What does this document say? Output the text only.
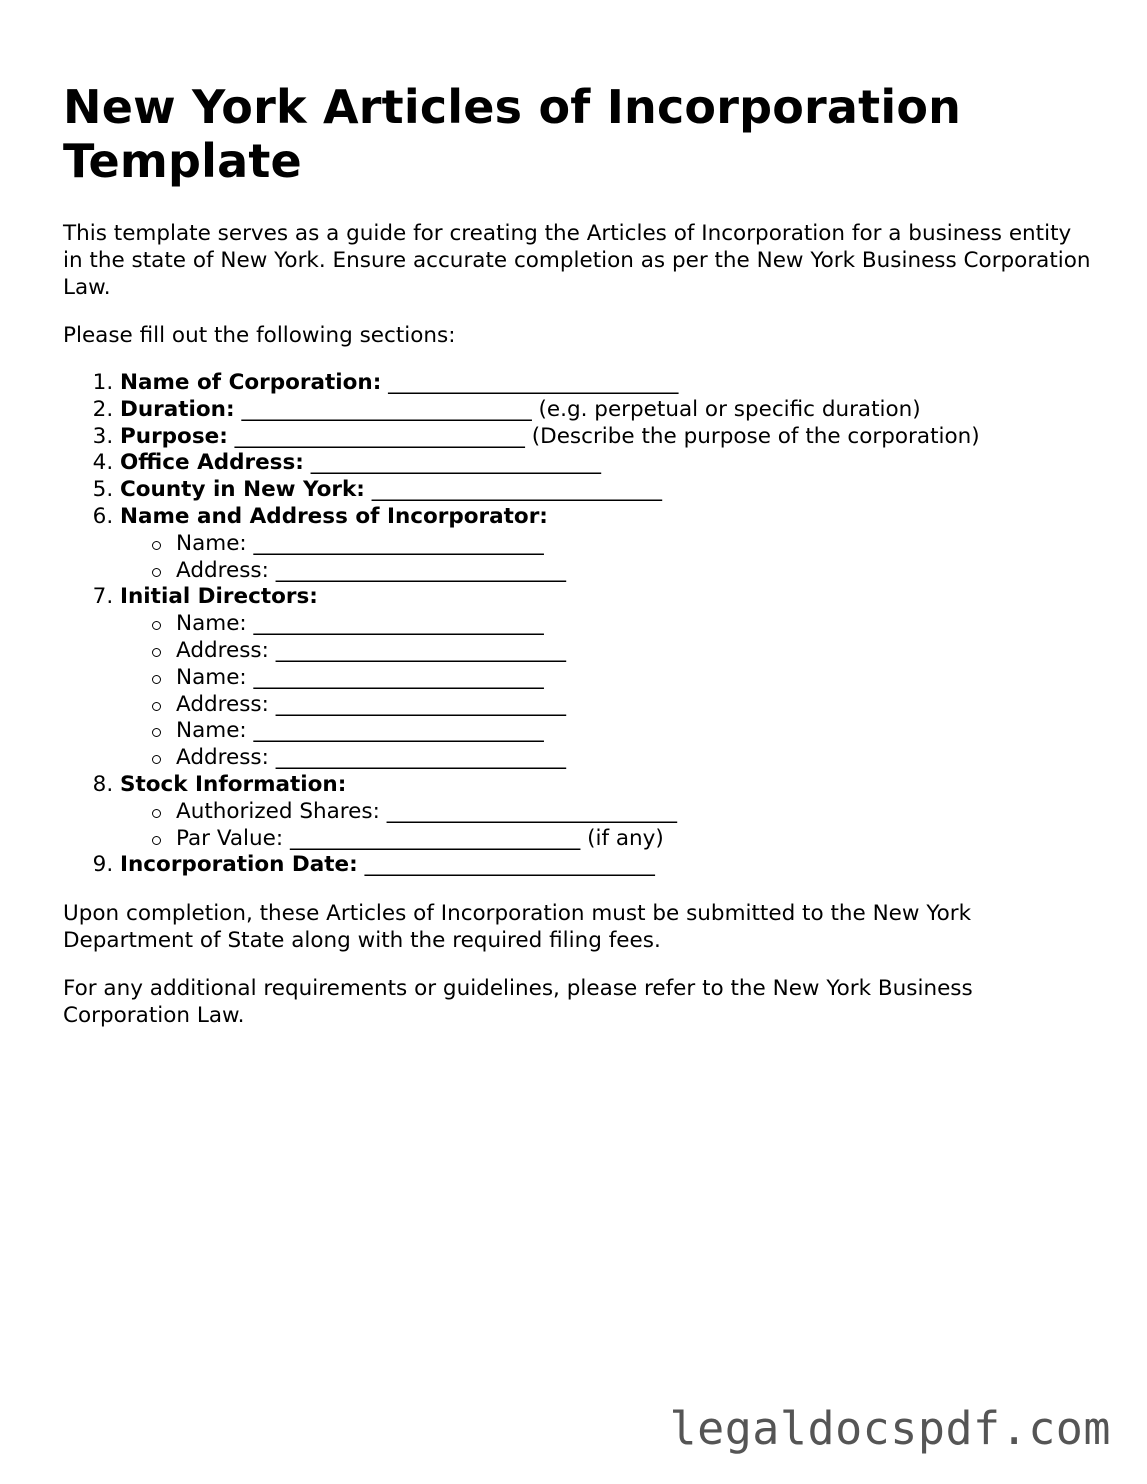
New York Articles of Incorporation Template

This template serves as a guide for creating the Articles of Incorporation for a business entity in the state of New York. Ensure accurate completion as per the New York Business Corporation Law.

Please fill out the following sections:

1. Name of Corporation: ___________________________
2. Duration: ___________________________ (e.g. perpetual or specific duration)
3. Purpose: ___________________________ (Describe the purpose of the corporation)
4. Office Address: ___________________________
5. County in New York: ___________________________
6. Name and Address of Incorporator:
Name: ___________________________
Address: ___________________________
7. Initial Directors:
Name: ___________________________
Address: ___________________________
Name: ___________________________
Address: ___________________________
Name: ___________________________
Address: ___________________________
8. Stock Information:
Authorized Shares: ___________________________
Par Value: ___________________________ (if any)
9. Incorporation Date: ___________________________

Upon completion, these Articles of Incorporation must be submitted to the New York Department of State along with the required filing fees.

For any additional requirements or guidelines, please refer to the New York Business Corporation Law.

legaldocspdf.com
